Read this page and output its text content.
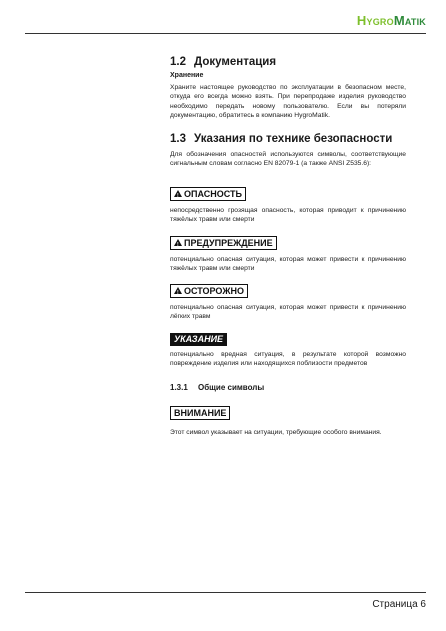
HYGROMATIK
1.2 Документация
Хранение

Храните настоящее руководство по эксплуатации в безопасном месте, откуда его всегда можно взять. При перепродаже изделия руководство необходимо передать новому пользователю. Если вы потеряли документацию, обратитесь в компанию HygroMatik.

1.3 Указания по технике безопасности

Для обозначения опасностей используются символы, соответствующие сигнальным словам согласно EN 82079-1 (а также ANSI Z535.6):

!ОПАСНОСТЬ

непосредственно грозящая опасность, которая приводит к причинению тяжёлых травм или смерти

!ПРЕДУПРЕЖДЕНИЕ

потенциально опасная ситуация, которая может привести к причинению тяжёлых травм или смерти

!ОСТОРОЖНО

потенциально опасная ситуация, которая может привести к причинению лёгких травм

УКАЗАНИЕ

потенциально вредная ситуация, в результате которой возможно повреждение изделия или находящихся поблизости предметов

1.3.1 Общие символы
ВНИМАНИЕ

Этот символ указывает на ситуации, требующие особого внимания.

Страница 6
